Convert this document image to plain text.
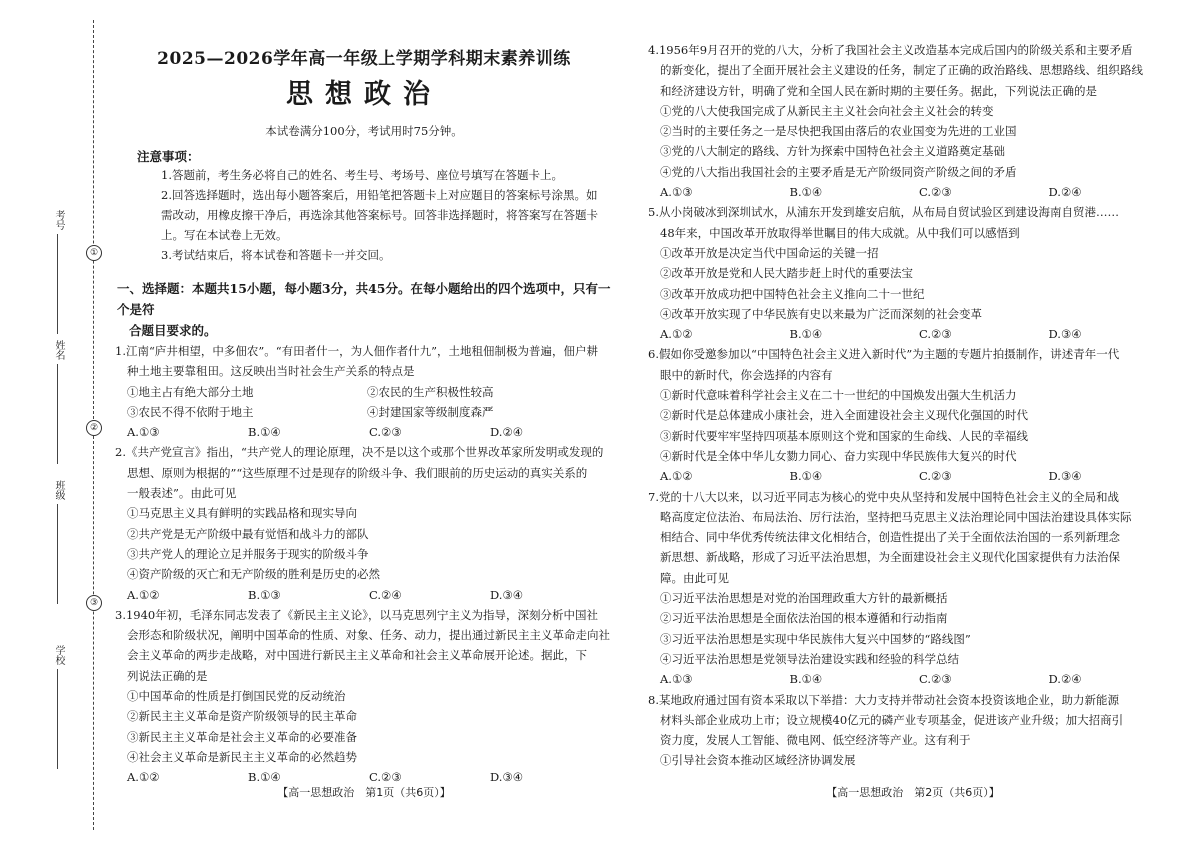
①
②
③
考号
姓名
班级
学校
2025—2026学年高一年级上学期学科期末素养训练
思想政治
本试卷满分100分，考试用时75分钟。
注意事项：
1.答题前，考生务必将自己的姓名、考生号、考场号、座位号填写在答题卡上。
2.回答选择题时，选出每小题答案后，用铅笔把答题卡上对应题目的答案标号涂黑。如需改动，用橡皮擦干净后，再选涂其他答案标号。回答非选择题时，将答案写在答题卡上。写在本试卷上无效。
3.考试结束后，将本试卷和答题卡一并交回。
一、选择题：本题共15小题，每小题3分，共45分。在每小题给出的四个选项中，只有一个是符
合题目要求的。
1.江南“庐井相望，中多佃农”。“有田者什一，为人佃作者什九”，土地租佃制极为普遍，佃户耕
种土地主要靠租田。这反映出当时社会生产关系的特点是
①地主占有绝大部分土地	②农民的生产积极性较高
③农民不得不依附于地主	④封建国家等级制度森严
A.①③	B.①④	C.②③	D.②④
2.《共产党宣言》指出，“共产党人的理论原理，决不是以这个或那个世界改革家所发明或发现的
思想、原则为根据的”“这些原理不过是现存的阶级斗争、我们眼前的历史运动的真实关系的
一般表述”。由此可见
①马克思主义具有鲜明的实践品格和现实导向
②共产党是无产阶级中最有觉悟和战斗力的部队
③共产党人的理论立足并服务于现实的阶级斗争
④资产阶级的灭亡和无产阶级的胜利是历史的必然
A.①②	B.①③	C.②④	D.③④
3.1940年初，毛泽东同志发表了《新民主主义论》，以马克思列宁主义为指导，深刻分析中国社
会形态和阶级状况，阐明中国革命的性质、对象、任务、动力，提出通过新民主主义革命走向社
会主义革命的两步走战略，对中国进行新民主主义革命和社会主义革命展开论述。据此，下
列说法正确的是
①中国革命的性质是打倒国民党的反动统治
②新民主主义革命是资产阶级领导的民主革命
③新民主主义革命是社会主义革命的必要准备
④社会主义革命是新民主主义革命的必然趋势
A.①②	B.①④	C.②③	D.③④
【高一思想政治　第1页（共6页）】
4.1956年9月召开的党的八大，分析了我国社会主义改造基本完成后国内的阶级关系和主要矛盾
的新变化，提出了全面开展社会主义建设的任务，制定了正确的政治路线、思想路线、组织路线
和经济建设方针，明确了党和全国人民在新时期的主要任务。据此，下列说法正确的是
①党的八大使我国完成了从新民主主义社会向社会主义社会的转变
②当时的主要任务之一是尽快把我国由落后的农业国变为先进的工业国
③党的八大制定的路线、方针为探索中国特色社会主义道路奠定基础
④党的八大指出我国社会的主要矛盾是无产阶级同资产阶级之间的矛盾
A.①③	B.①④	C.②③	D.②④
5.从小岗破冰到深圳试水，从浦东开发到雄安启航，从布局自贸试验区到建设海南自贸港……
48年来，中国改革开放取得举世瞩目的伟大成就。从中我们可以感悟到
①改革开放是决定当代中国命运的关键一招
②改革开放是党和人民大踏步赶上时代的重要法宝
③改革开放成功把中国特色社会主义推向二十一世纪
④改革开放实现了中华民族有史以来最为广泛而深刻的社会变革
A.①②	B.①④	C.②③	D.③④
6.假如你受邀参加以“中国特色社会主义进入新时代”为主题的专题片拍摄制作，讲述青年一代
眼中的新时代，你会选择的内容有
①新时代意味着科学社会主义在二十一世纪的中国焕发出强大生机活力
②新时代是总体建成小康社会，进入全面建设社会主义现代化强国的时代
③新时代要牢牢坚持四项基本原则这个党和国家的生命线、人民的幸福线
④新时代是全体中华儿女勠力同心、奋力实现中华民族伟大复兴的时代
A.①②	B.①④	C.②③	D.③④
7.党的十八大以来，以习近平同志为核心的党中央从坚持和发展中国特色社会主义的全局和战
略高度定位法治、布局法治、厉行法治，坚持把马克思主义法治理论同中国法治建设具体实际
相结合、同中华优秀传统法律文化相结合，创造性提出了关于全面依法治国的一系列新理念
新思想、新战略，形成了习近平法治思想，为全面建设社会主义现代化国家提供有力法治保
障。由此可见
①习近平法治思想是对党的治国理政重大方针的最新概括
②习近平法治思想是全面依法治国的根本遵循和行动指南
③习近平法治思想是实现中华民族伟大复兴中国梦的“路线图”
④习近平法治思想是党领导法治建设实践和经验的科学总结
A.①③	B.①④	C.②③	D.②④
8.某地政府通过国有资本采取以下举措：大力支持并带动社会资本投资该地企业，助力新能源
材料头部企业成功上市；设立规模40亿元的磷产业专项基金，促进该产业升级；加大招商引
资力度，发展人工智能、微电网、低空经济等产业。这有利于
①引导社会资本推动区域经济协调发展
【高一思想政治　第2页（共6页）】
